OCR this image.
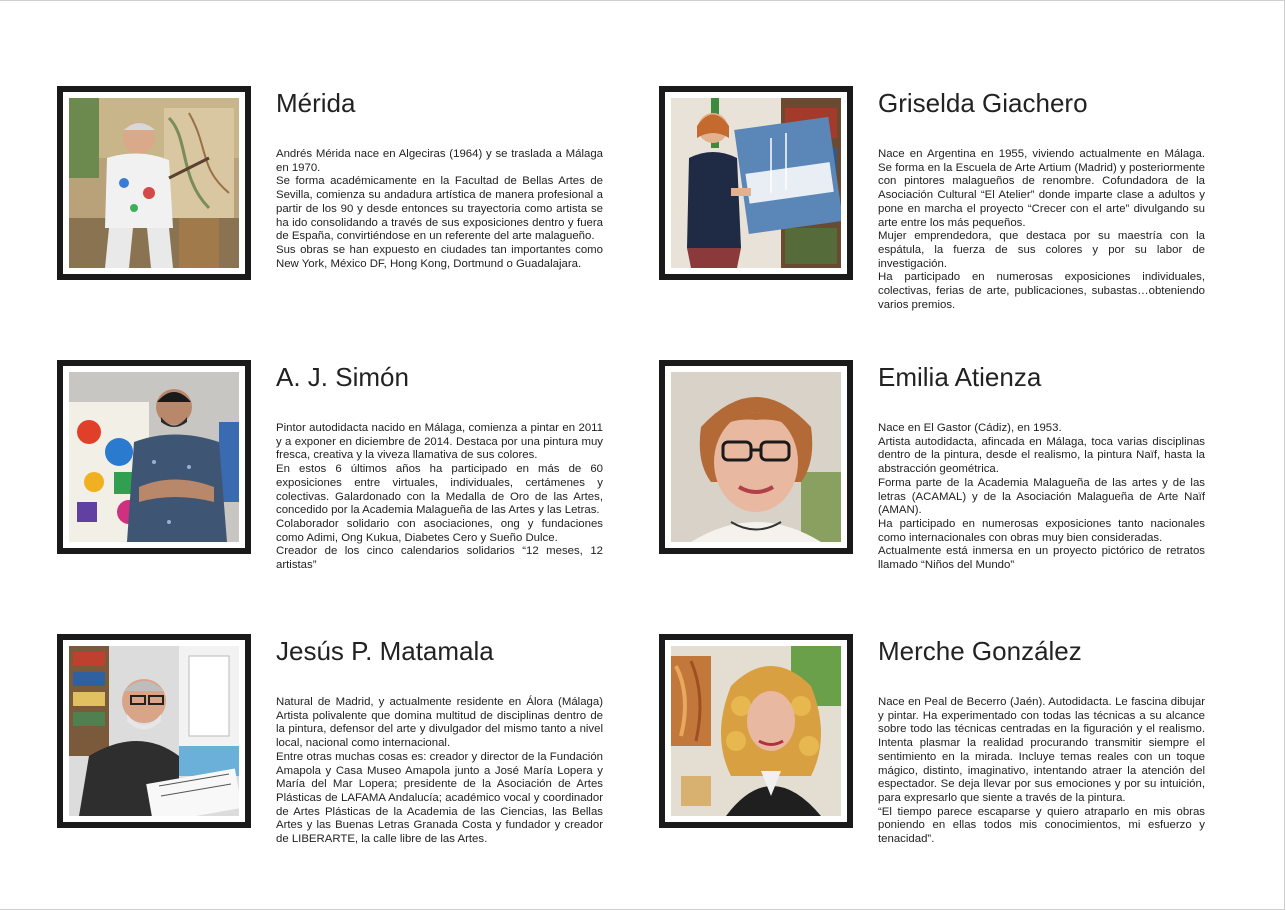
Mérida

Andrés Mérida nace en Algeciras (1964) y se traslada a Málaga en 1970.

Se forma académicamente en la Facultad de Bellas Artes de Sevilla, comienza su andadura artística de manera profesional a partir de los 90 y desde entonces su trayectoria como artista se ha ido consolidando a través de sus exposiciones dentro y fuera de España, convirtiéndose en un referente del arte malagueño.

Sus obras se han expuesto en ciudades tan importantes como New York, México DF, Hong Kong, Dortmund o Guadalajara.

Griselda Giachero

Nace en Argentina en 1955, viviendo actualmente en Málaga. Se forma en la Escuela de Arte Artium (Madrid) y posteriormente con pintores malagueños de renombre. Cofundadora de la Asociación Cultural “El Atelier” donde imparte clase a adultos y pone en marcha el proyecto “Crecer con el arte” divulgando su arte entre los más pequeños.

Mujer emprendedora, que destaca por su maestría con la espátula, la fuerza de sus colores y por su labor de investigación.

Ha participado en numerosas exposiciones individuales, colectivas, ferias de arte, publicaciones, subastas…obteniendo varios premios.

A. J. Simón

Pintor autodidacta nacido en Málaga, comienza a pintar en 2011 y a exponer en diciembre de 2014. Destaca por una pintura muy fresca, creativa y la viveza llamativa de sus colores.

En estos 6 últimos años ha participado en más de 60 exposiciones entre virtuales, individuales, certámenes y colectivas. Galardonado con la Medalla de Oro de las Artes, concedido por la Academia Malagueña de las Artes y las Letras.

Colaborador solidario con asociaciones, ong y fundaciones como Adimi, Ong Kukua, Diabetes Cero y Sueño Dulce.

Creador de los cinco calendarios solidarios “12 meses, 12 artistas”

Emilia Atienza

Nace en El Gastor (Cádiz), en 1953.

Artista autodidacta, afincada en Málaga, toca varias disciplinas dentro de la pintura, desde el realismo, la pintura Naïf, hasta la abstracción geométrica.

Forma parte de la Academia Malagueña de las artes y de las letras (ACAMAL) y de la Asociación Malagueña de Arte Naïf (AMAN).

Ha participado en numerosas exposiciones tanto nacionales como internacionales con obras muy bien consideradas.

Actualmente está inmersa en un proyecto pictórico de retratos llamado “Niños del Mundo”

Jesús P. Matamala

Natural de Madrid, y actualmente residente en Álora (Málaga) Artista polivalente que domina multitud de disciplinas dentro de la pintura, defensor del arte y divulgador del mismo tanto a nivel local, nacional como internacional.

Entre otras muchas cosas es: creador y director de la Fundación Amapola y Casa Museo Amapola junto a José María Lopera y María del Mar Lopera; presidente de la Asociación de Artes Plásticas de LAFAMA Andalucía; académico vocal y coordinador de Artes Plásticas de la Academia de las Ciencias, las Bellas Artes y las Buenas Letras Granada Costa y fundador y creador de LIBERARTE, la calle libre de las Artes.

Merche González

Nace en Peal de Becerro (Jaén). Autodidacta. Le fascina dibujar y pintar. Ha experimentado con todas las técnicas a su alcance sobre todo las técnicas centradas en la figuración y el realismo. Intenta plasmar la realidad procurando transmitir siempre el sentimiento en la mirada. Incluye temas reales con un toque mágico, distinto, imaginativo, intentando atraer la atención del espectador. Se deja llevar por sus emociones y por su intuición, para expresarlo que siente a través de la pintura.

“El tiempo parece escaparse y quiero atraparlo en mis obras poniendo en ellas todos mis conocimientos, mi esfuerzo y tenacidad”.
